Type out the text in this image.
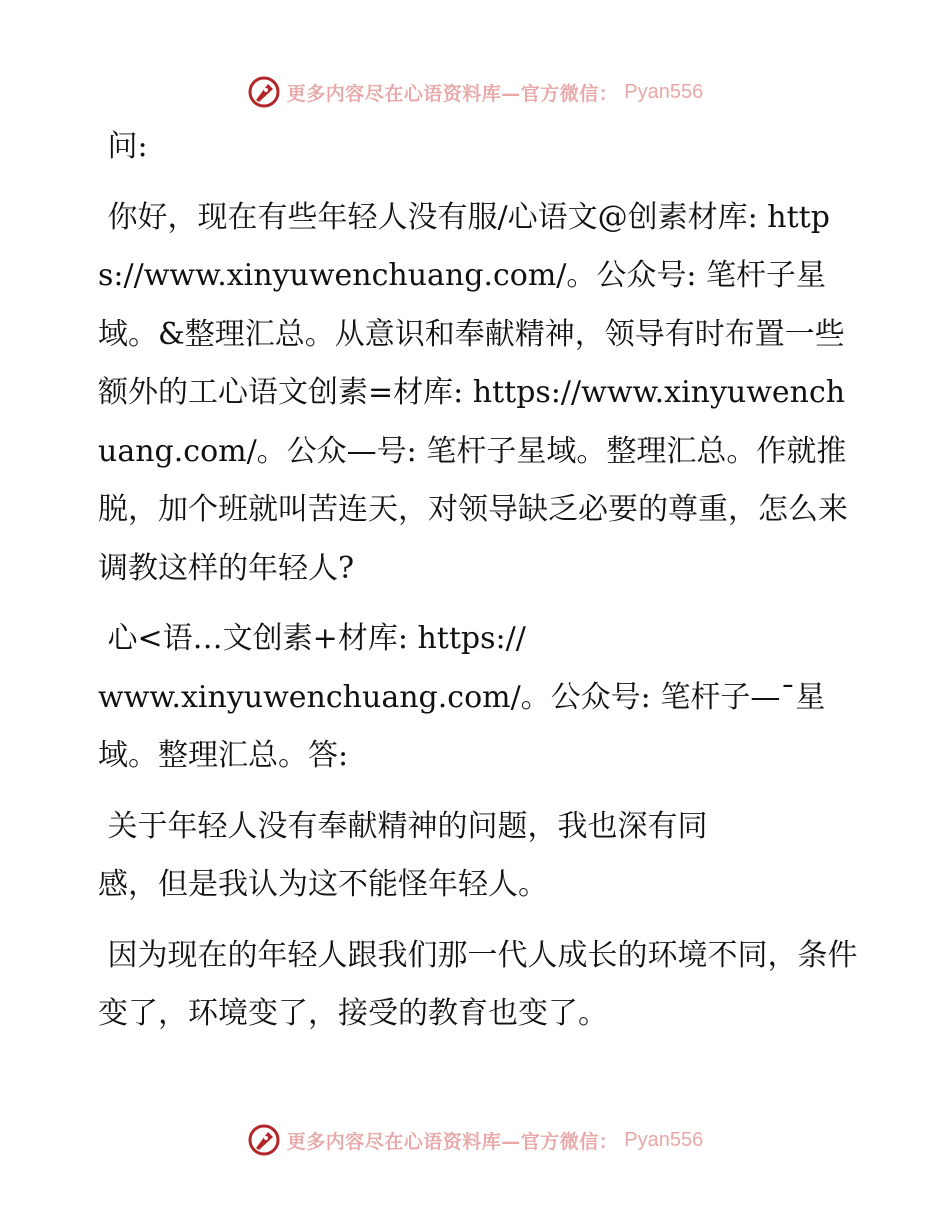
更多内容尽在心语资料库—官方微信： Pyan556

问:

你好，现在有些年轻人没有服/心语文@创素材库: https://www.xinyuwenchuang.com/。公众号: 笔杆子星域。&整理汇总。从意识和奉献精神，领导有时布置一些额外的工心语文创素=材库: https://www.xinyuwenchuang.com/。公众—号: 笔杆子星域。整理汇总。作就推脱，加个班就叫苦连天，对领导缺乏必要的尊重，怎么来调教这样的年轻人?

心<语…文创素+材库: https://
www.xinyuwenchuang.com/。公众号: 笔杆子—¯星域。整理汇总。答:

关于年轻人没有奉献精神的问题，我也深有同
感，但是我认为这不能怪年轻人。

因为现在的年轻人跟我们那一代人成长的环境不同，条件变了，环境变了，接受的教育也变了。

更多内容尽在心语资料库—官方微信： Pyan556
